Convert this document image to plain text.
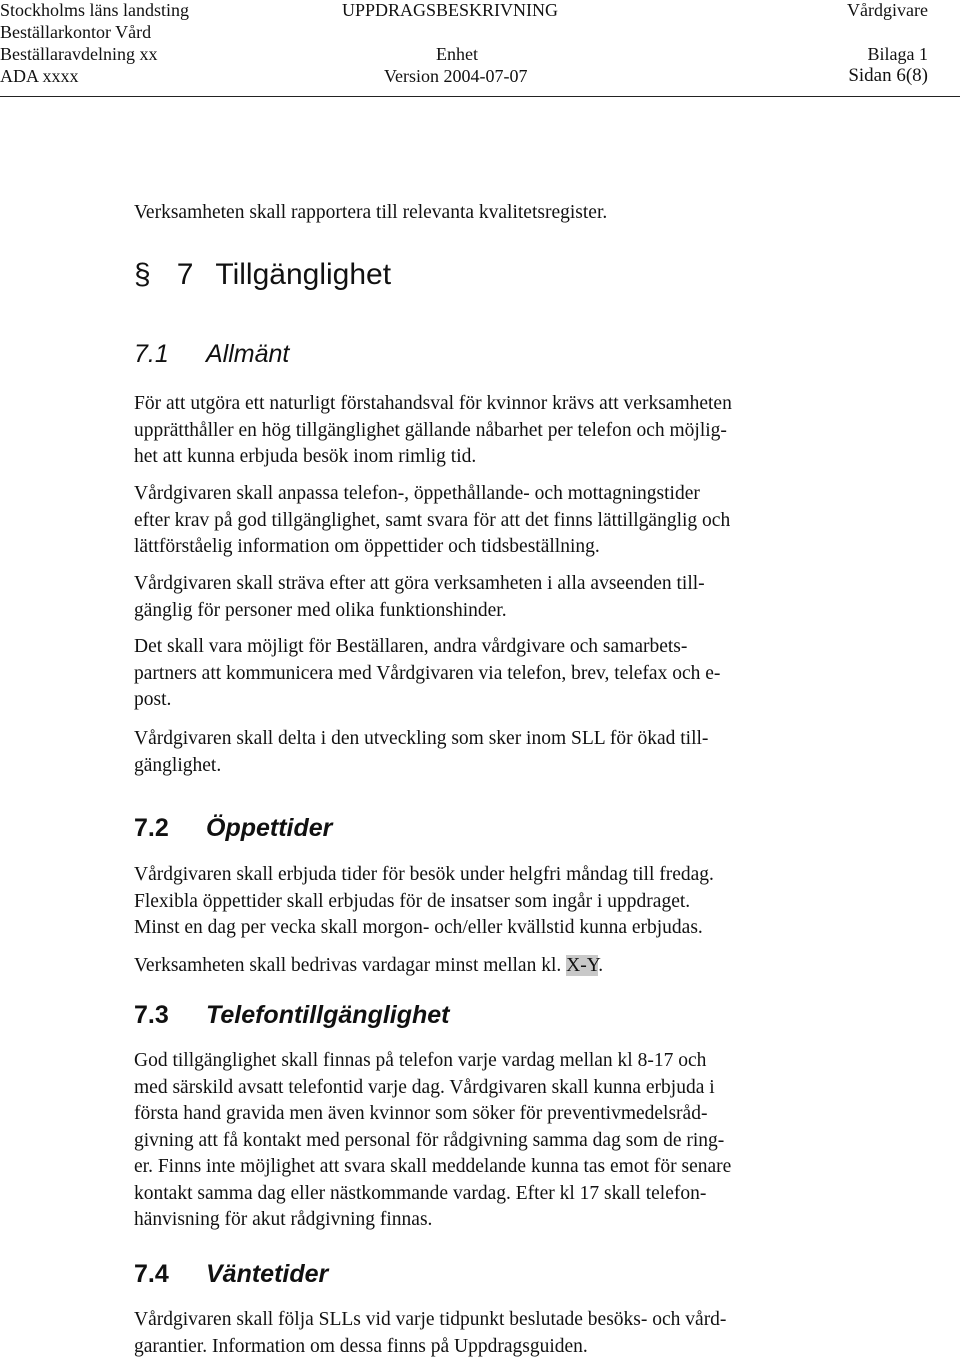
Stockholms läns landsting
Beställarkontor Vård
Beställaravdelning xx
ADA xxxx
UPPDRAGSBESKRIVNING
Enhet
Version 2004-07-07
Vårdgivare
Bilaga 1
Sidan 6(8)

Verksamheten skall rapportera till relevanta kvalitetsregister.

§ 7 Tillgänglighet
7.1 Allmänt

För att utgöra ett naturligt förstahandsval för kvinnor krävs att verksamheten
upprätthåller en hög tillgänglighet gällande nåbarhet per telefon och möjlig-
het att kunna erbjuda besök inom rimlig tid.

Vårdgivaren skall anpassa telefon-, öppethållande- och mottagningstider
efter krav på god tillgänglighet, samt svara för att det finns lättillgänglig och
lättförståelig information om öppettider och tidsbeställning.

Vårdgivaren skall sträva efter att göra verksamheten i alla avseenden till-
gänglig för personer med olika funktionshinder.

Det skall vara möjligt för Beställaren, andra vårdgivare och samarbets-
partners att kommunicera med Vårdgivaren via telefon, brev, telefax och e-
post.

Vårdgivaren skall delta i den utveckling som sker inom SLL för ökad till-
gänglighet.

7.2 Öppettider

Vårdgivaren skall erbjuda tider för besök under helgfri måndag till fredag.
Flexibla öppettider skall erbjudas för de insatser som ingår i uppdraget.
Minst en dag per vecka skall morgon- och/eller kvällstid kunna erbjudas.

Verksamheten skall bedrivas vardagar minst mellan kl. X-Y.

7.3 Telefontillgänglighet

God tillgänglighet skall finnas på telefon varje vardag mellan kl 8-17 och
med särskild avsatt telefontid varje dag. Vårdgivaren skall kunna erbjuda i
första hand gravida men även kvinnor som söker för preventivmedelsråd-
givning att få kontakt med personal för rådgivning samma dag som de ring-
er. Finns inte möjlighet att svara skall meddelande kunna tas emot för senare
kontakt samma dag eller nästkommande vardag. Efter kl 17 skall telefon-
hänvisning för akut rådgivning finnas.

7.4 Väntetider

Vårdgivaren skall följa SLLs vid varje tidpunkt beslutade besöks- och vård-
garantier. Information om dessa finns på Uppdragsguiden.
